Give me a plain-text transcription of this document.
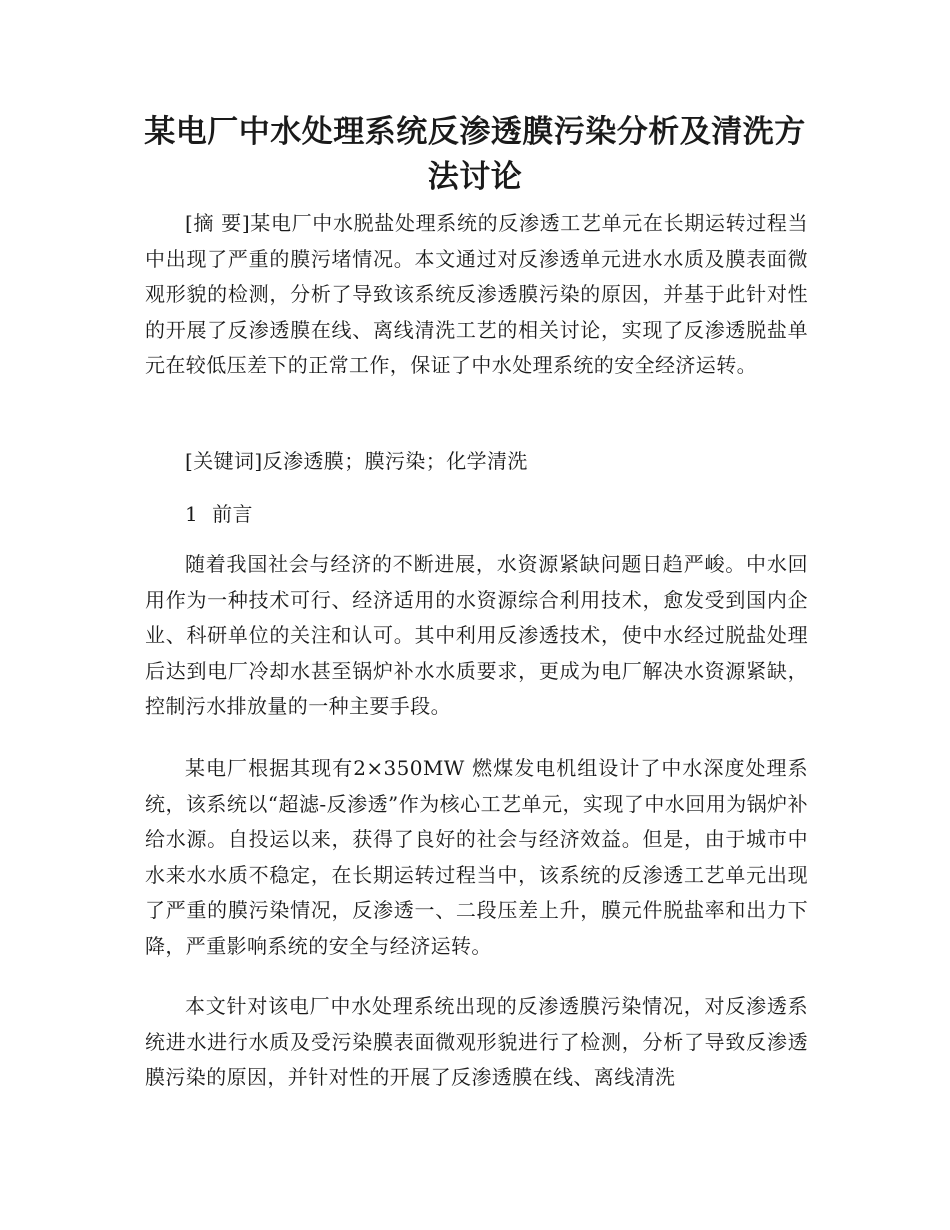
某电厂中水处理系统反渗透膜污染分析及清洗方法讨论

[摘 要]某电厂中水脱盐处理系统的反渗透工艺单元在长期运转过程当中出现了严重的膜污堵情况。本文通过对反渗透单元进水水质及膜表面微观形貌的检测，分析了导致该系统反渗透膜污染的原因，并基于此针对性的开展了反渗透膜在线、离线清洗工艺的相关讨论，实现了反渗透脱盐单元在较低压差下的正常工作，保证了中水处理系统的安全经济运转。

[关键词]反渗透膜；膜污染；化学清洗

1 前言

随着我国社会与经济的不断进展，水资源紧缺问题日趋严峻。中水回用作为一种技术可行、经济适用的水资源综合利用技术，愈发受到国内企业、科研单位的关注和认可。其中利用反渗透技术，使中水经过脱盐处理后达到电厂冷却水甚至锅炉补水水质要求，更成为电厂解决水资源紧缺，控制污水排放量的一种主要手段。

某电厂根据其现有2×350MW 燃煤发电机组设计了中水深度处理系统，该系统以“超滤-反渗透”作为核心工艺单元，实现了中水回用为锅炉补给水源。自投运以来，获得了良好的社会与经济效益。但是，由于城市中水来水水质不稳定，在长期运转过程当中，该系统的反渗透工艺单元出现了严重的膜污染情况，反渗透一、二段压差上升，膜元件脱盐率和出力下降，严重影响系统的安全与经济运转。

本文针对该电厂中水处理系统出现的反渗透膜污染情况，对反渗透系统进水进行水质及受污染膜表面微观形貌进行了检测，分析了导致反渗透膜污染的原因，并针对性的开展了反渗透膜在线、离线清洗
